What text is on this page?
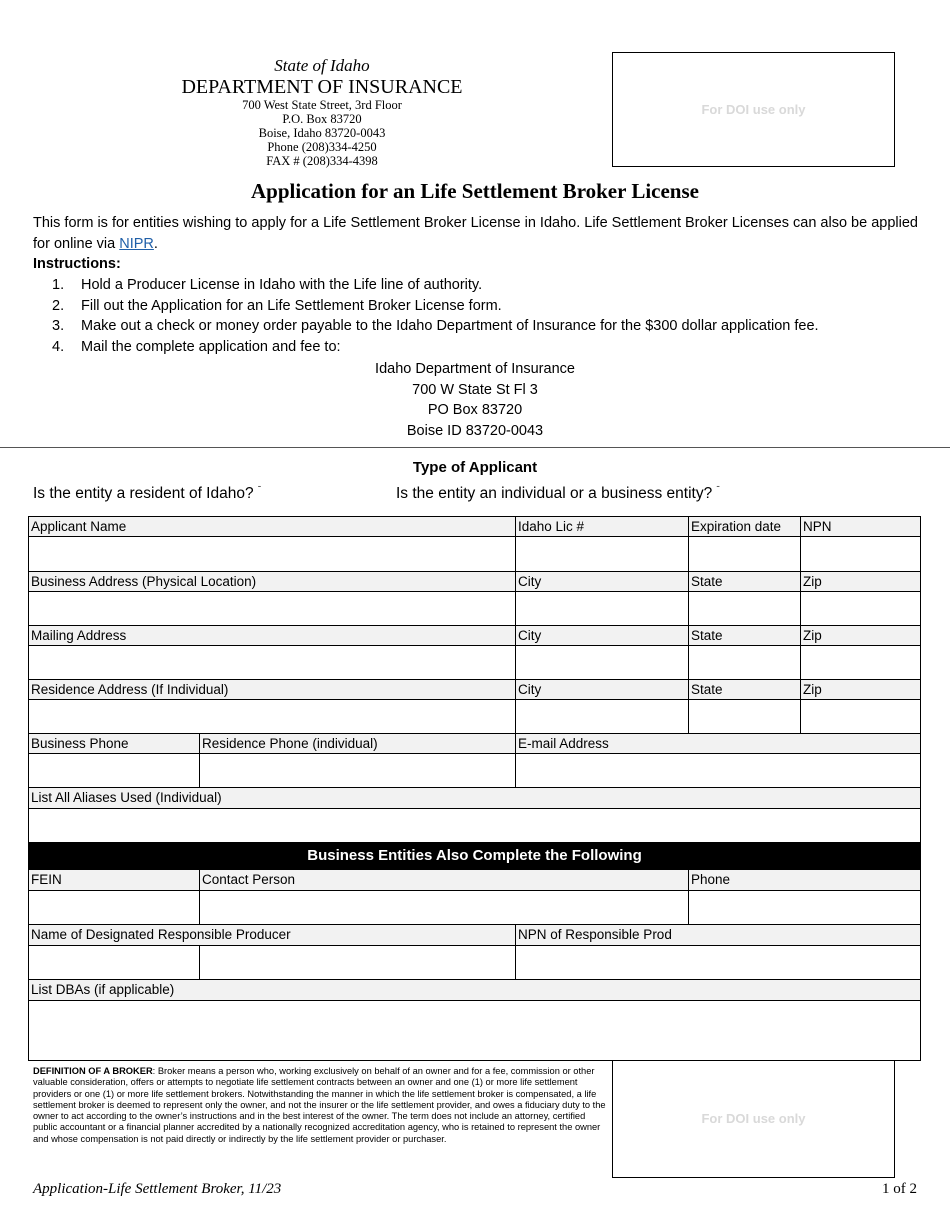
State of Idaho
DEPARTMENT OF INSURANCE
700 West State Street, 3rd Floor
P.O. Box 83720
Boise, Idaho 83720-0043
Phone (208)334-4250
FAX # (208)334-4398
For DOI use only
Application for an Life Settlement Broker License
This form is for entities wishing to apply for a Life Settlement Broker License in Idaho. Life Settlement Broker Licenses can also be applied for online via NIPR.
Instructions:
1. Hold a Producer License in Idaho with the Life line of authority.
2. Fill out the Application for an Life Settlement Broker License form.
3. Make out a check or money order payable to the Idaho Department of Insurance for the $300 dollar application fee.
4. Mail the complete application and fee to:
Idaho Department of Insurance
700 W State St Fl 3
PO Box 83720
Boise ID 83720-0043
Type of Applicant
Is the entity a resident of Idaho? $^ˉ$	Is the entity an individual or a business entity? $^ˉ$
Applicant Name	Idaho Lic #	Expiration date	NPN
Business Address (Physical Location)	City	State	Zip
Mailing Address	City	State	Zip
Residence Address (If Individual)	City	State	Zip
Business Phone	Residence Phone (individual)	E-mail Address
List All Aliases Used (Individual)
Business Entities Also Complete the Following
FEIN	Contact Person	Phone
Name of Designated Responsible Producer	NPN of Responsible Prod
List DBAs (if applicable)
DEFINITION OF A BROKER: Broker means a person who, working exclusively on behalf of an owner and for a fee, commission or other valuable consideration, offers or attempts to negotiate life settlement contracts between an owner and one (1) or more life settlement providers or one (1) or more life settlement brokers. Notwithstanding the manner in which the life settlement broker is compensated, a life settlement broker is deemed to represent only the owner, and not the insurer or the life settlement provider, and owes a fiduciary duty to the owner to act according to the owner’s instructions and in the best interest of the owner. The term does not include an attorney, certified public accountant or a financial planner accredited by a nationally recognized accreditation agency, who is retained to represent the owner and whose compensation is not paid directly or indirectly by the life settlement provider or purchaser.
For DOI use only
Application-Life Settlement Broker, 11/23	1 of 2
